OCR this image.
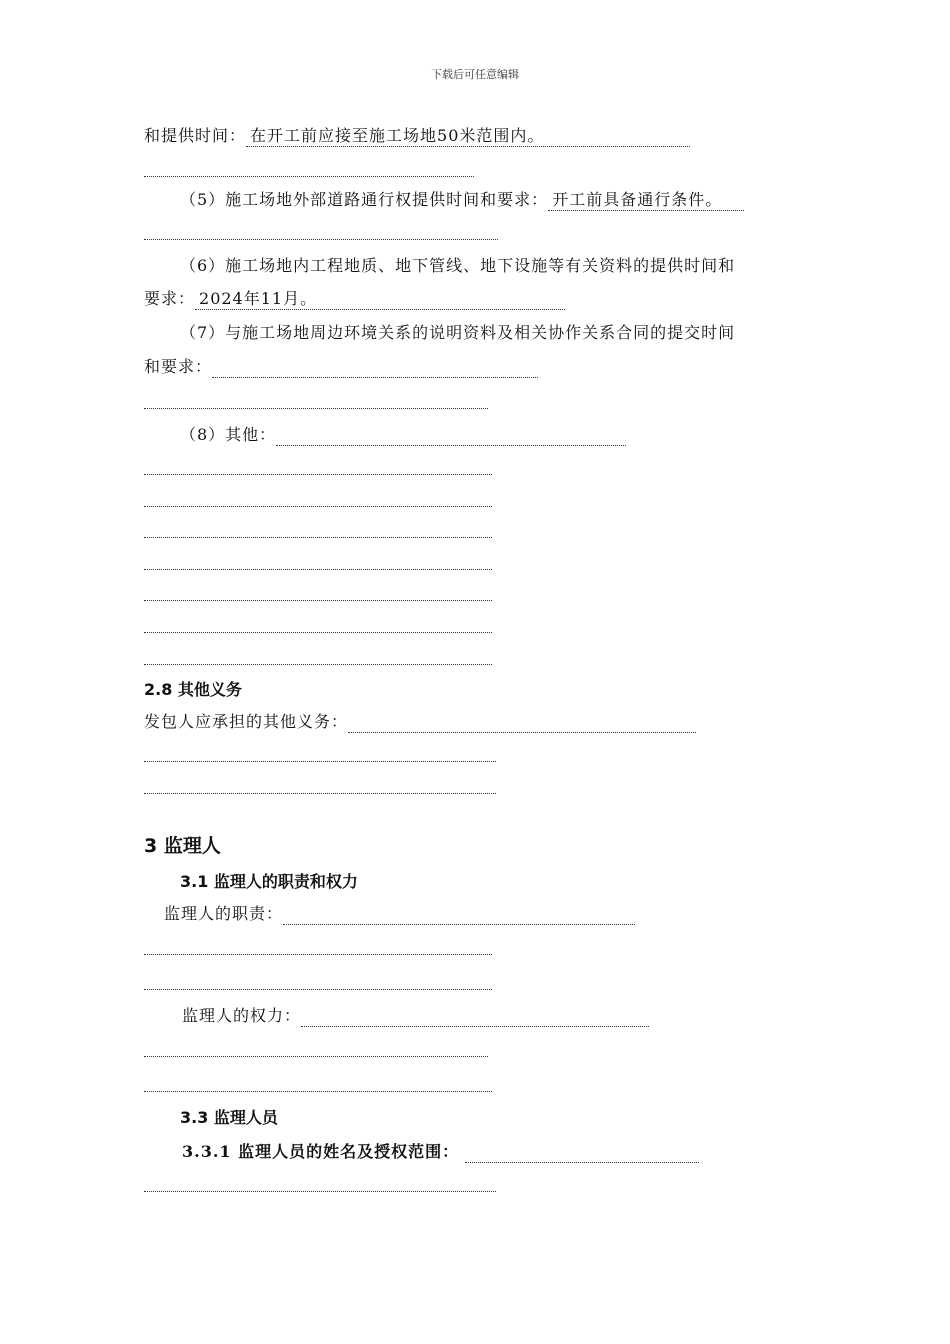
下载后可任意编辑
和提供时间： 在开工前应接至施工场地50米范围内。
（5）施工场地外部道路通行权提供时间和要求： 开工前具备通行条件。
（6）施工场地内工程地质、地下管线、地下设施等有关资料的提供时间和
要求： 2024年11月。
（7）与施工场地周边环境关系的说明资料及相关协作关系合同的提交时间
和要求：
（8）其他：
2.8 其他义务
发包人应承担的其他义务：
3 监理人
3.1 监理人的职责和权力
监理人的职责：
监理人的权力：
3.3 监理人员
3.3.1 监理人员的姓名及授权范围：
